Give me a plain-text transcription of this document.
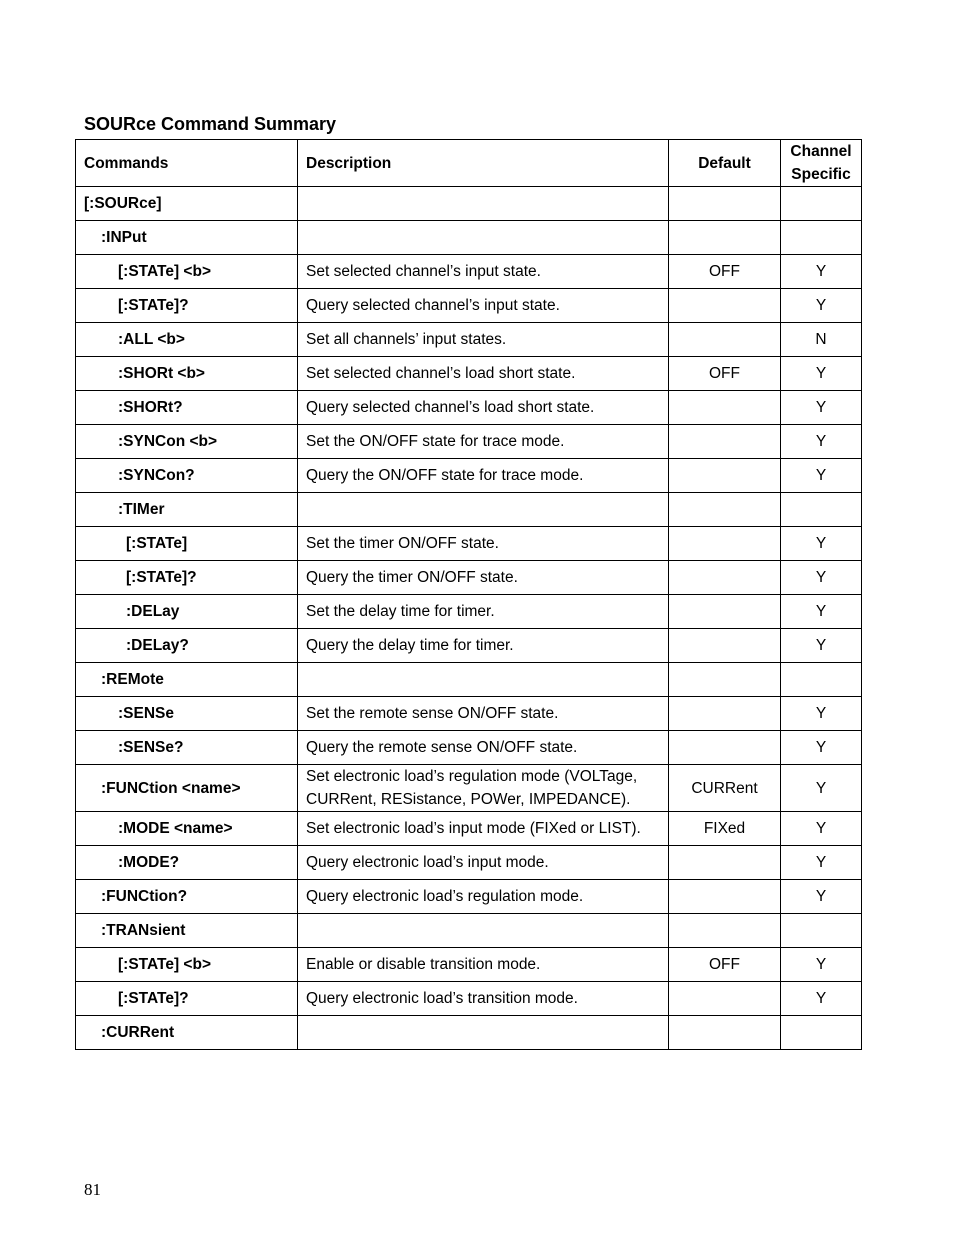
SOURce Command Summary
Commands	Description	Default	Channel Specific
[:SOURce]			
:INPut			
[:STATe] <b>	Set selected channel’s input state.	OFF	Y
[:STATe]?	Query selected channel’s input state.		Y
:ALL <b>	Set all channels’ input states.		N
:SHORt <b>	Set selected channel’s load short state.	OFF	Y
:SHORt?	Query selected channel’s load short state.		Y
:SYNCon <b>	Set the ON/OFF state for trace mode.		Y
:SYNCon?	Query the ON/OFF state for trace mode.		Y
:TIMer			
[:STATe]	Set the timer ON/OFF state.		Y
[:STATe]?	Query the timer ON/OFF state.		Y
:DELay	Set the delay time for timer.		Y
:DELay?	Query the delay time for timer.		Y
:REMote			
:SENSe	Set the remote sense ON/OFF state.		Y
:SENSe?	Query the remote sense ON/OFF state.		Y
:FUNCtion <name>	Set electronic load’s regulation mode (VOLTage, CURRent, RESistance, POWer, IMPEDANCE).	CURRent	Y
:MODE <name>	Set electronic load’s input mode (FIXed or LIST).	FIXed	Y
:MODE?	Query electronic load’s input mode.		Y
:FUNCtion?	Query electronic load’s regulation mode.		Y
:TRANsient			
[:STATe] <b>	Enable or disable transition mode.	OFF	Y
[:STATe]?	Query electronic load’s transition mode.		Y
:CURRent			
81
